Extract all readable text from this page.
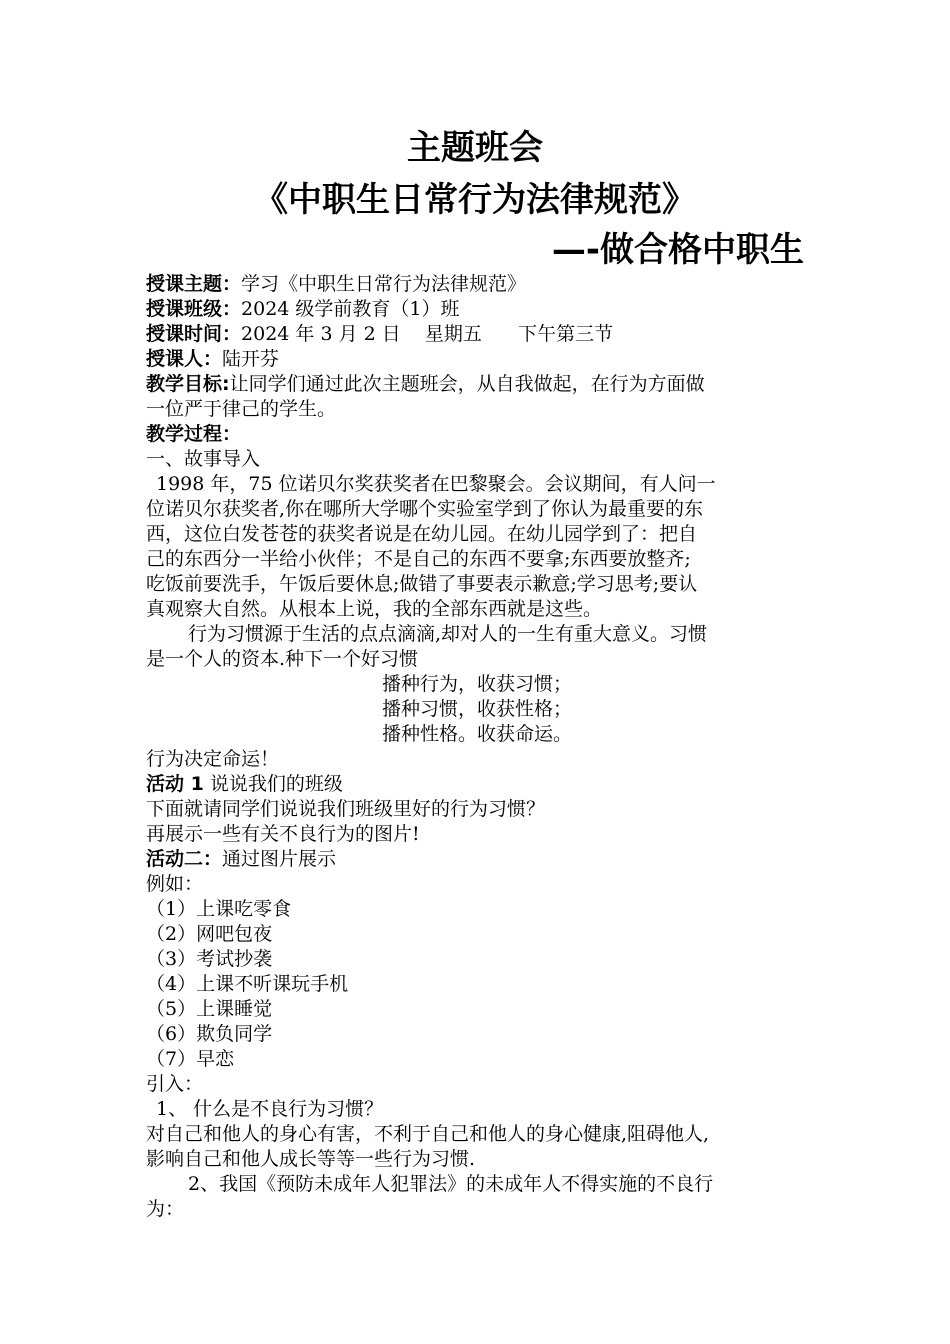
主题班会
《中职生日常行为法律规范》
—-做合格中职生
授课主题：学习《中职生日常行为法律规范》
授课班级：2024 级学前教育（1）班
授课时间：2024 年 3 月 2 日    星期五      下午第三节
授课人：陆开芬
教学目标:让同学们通过此次主题班会，从自我做起，在行为方面做
一位严于律己的学生。
教学过程：
一、故事导入
1998 年，75 位诺贝尔奖获奖者在巴黎聚会。会议期间，有人问一
位诺贝尔获奖者,你在哪所大学哪个实验室学到了你认为最重要的东
西，这位白发苍苍的获奖者说是在幼儿园。在幼儿园学到了：把自
己的东西分一半给小伙伴；不是自己的东西不要拿;东西要放整齐;
吃饭前要洗手，午饭后要休息;做错了事要表示歉意;学习思考;要认
真观察大自然。从根本上说，我的全部东西就是这些。
行为习惯源于生活的点点滴滴,却对人的一生有重大意义。习惯
是一个人的资本.种下一个好习惯
播种行为，收获习惯；
播种习惯，收获性格；
播种性格。收获命运。
行为决定命运！
活动 1 说说我们的班级
下面就请同学们说说我们班级里好的行为习惯？
再展示一些有关不良行为的图片!
活动二：通过图片展示
例如：
（1）上课吃零食
（2）网吧包夜
（3）考试抄袭
（4）上课不听课玩手机
（5）上课睡觉
（6）欺负同学
（7）早恋
引入：
1、 什么是不良行为习惯？
对自己和他人的身心有害，不利于自己和他人的身心健康,阻碍他人,
影响自己和他人成长等等一些行为习惯.
2、我国《预防未成年人犯罪法》的未成年人不得实施的不良行
为：
